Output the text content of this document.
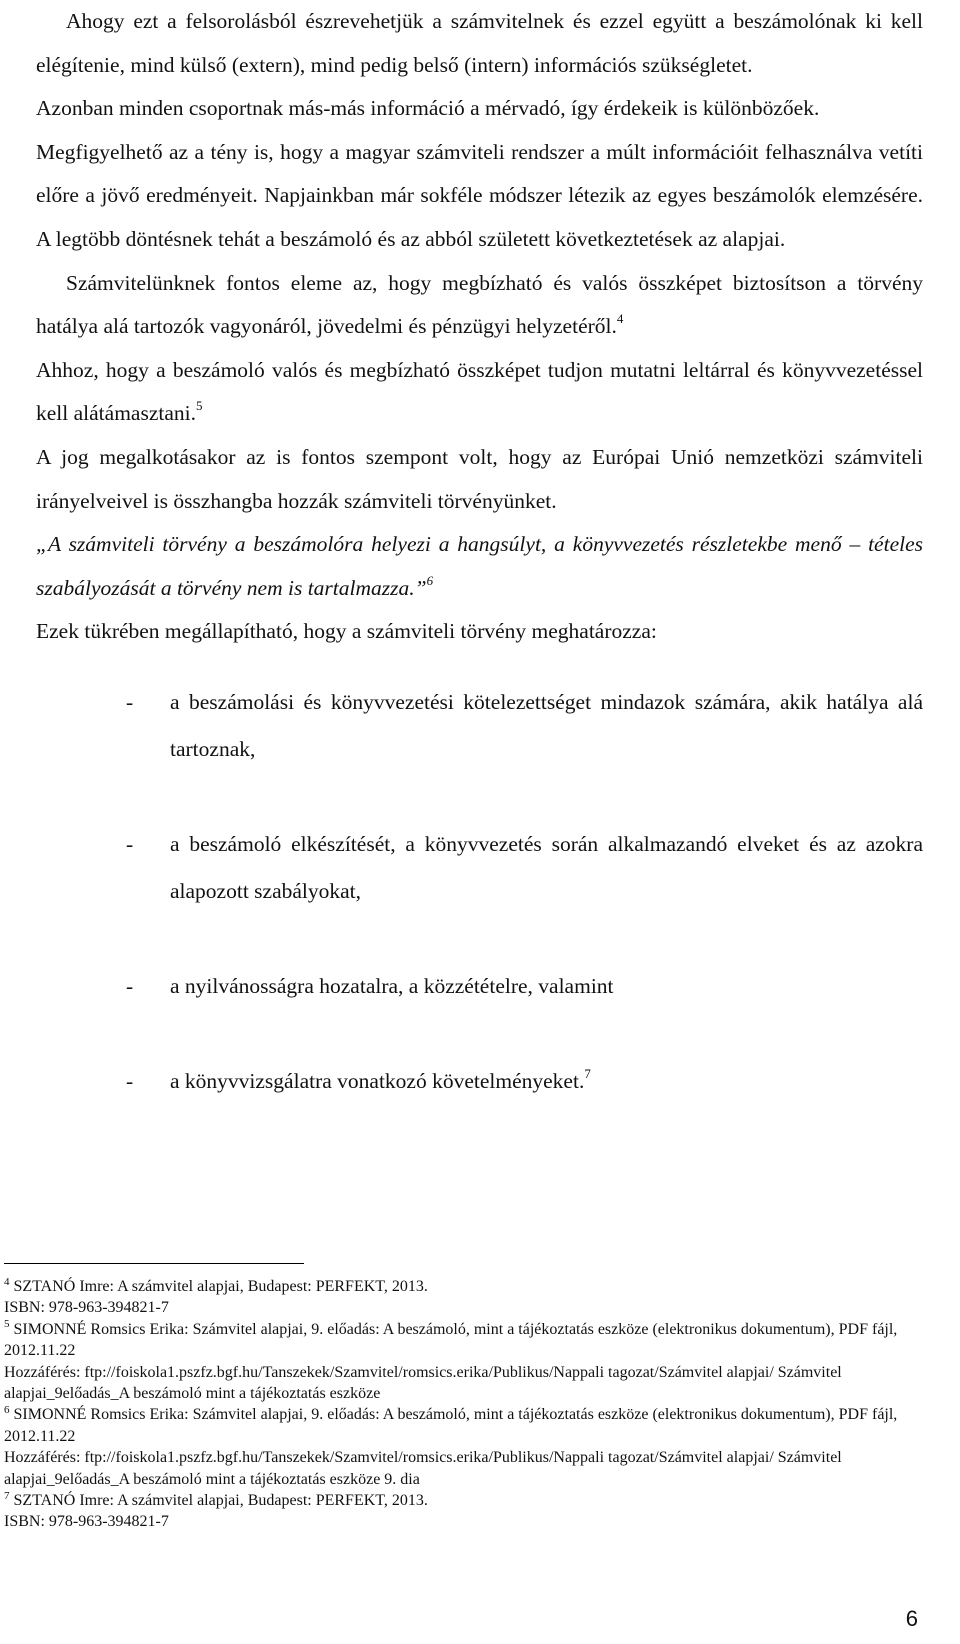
Ahogy ezt a felsorolásból észrevehetjük a számvitelnek és ezzel együtt a beszámolónak ki kell elégítenie, mind külső (extern), mind pedig belső (intern) információs szükségletet.

Azonban minden csoportnak más-más információ a mérvadó, így érdekeik is különbözőek.

Megfigyelhető az a tény is, hogy a magyar számviteli rendszer a múlt információit felhasználva vetíti előre a jövő eredményeit. Napjainkban már sokféle módszer létezik az egyes beszámolók elemzésére. A legtöbb döntésnek tehát a beszámoló és az abból született következtetések az alapjai.

Számvitelünknek fontos eleme az, hogy megbízható és valós összképet biztosítson a törvény hatálya alá tartozók vagyonáról, jövedelmi és pénzügyi helyzetéről.$^4$

Ahhoz, hogy a beszámoló valós és megbízható összképet tudjon mutatni leltárral és könyvvezetéssel kell alátámasztani.$^5$

A jog megalkotásakor az is fontos szempont volt, hogy az Európai Unió nemzetközi számviteli irányelveivel is összhangba hozzák számviteli törvényünket.

„A számviteli törvény a beszámolóra helyezi a hangsúlyt, a könyvvezetés részletekbe menő – tételes szabályozását a törvény nem is tartalmazza.”$^6$

Ezek tükrében megállapítható, hogy a számviteli törvény meghatározza:

- a beszámolási és könyvvezetési kötelezettséget mindazok számára, akik hatálya alá tartoznak,
- a beszámoló elkészítését, a könyvvezetés során alkalmazandó elveket és az azokra alapozott szabályokat,
- a nyilvánosságra hozatalra, a közzétételre, valamint
- a könyvvizsgálatra vonatkozó követelményeket.$^7$

$^4$ SZTANÓ Imre: A számvitel alapjai, Budapest: PERFEKT, 2013.

ISBN: 978-963-394821-7

$^5$ SIMONNÉ Romsics Erika: Számvitel alapjai, 9. előadás: A beszámoló, mint a tájékoztatás eszköze (elektronikus dokumentum), PDF fájl, 2012.11.22

Hozzáférés: ftp://foiskola1.pszfz.bgf.hu/Tanszekek/Szamvitel/romsics.erika/Publikus/Nappali tagozat/Számvitel alapjai/ Számvitel alapjai_9előadás_A beszámoló mint a tájékoztatás eszköze

$^6$ SIMONNÉ Romsics Erika: Számvitel alapjai, 9. előadás: A beszámoló, mint a tájékoztatás eszköze (elektronikus dokumentum), PDF fájl, 2012.11.22

Hozzáférés: ftp://foiskola1.pszfz.bgf.hu/Tanszekek/Szamvitel/romsics.erika/Publikus/Nappali tagozat/Számvitel alapjai/ Számvitel alapjai_9előadás_A beszámoló mint a tájékoztatás eszköze 9. dia

$^7$ SZTANÓ Imre: A számvitel alapjai, Budapest: PERFEKT, 2013.

ISBN: 978-963-394821-7

6
